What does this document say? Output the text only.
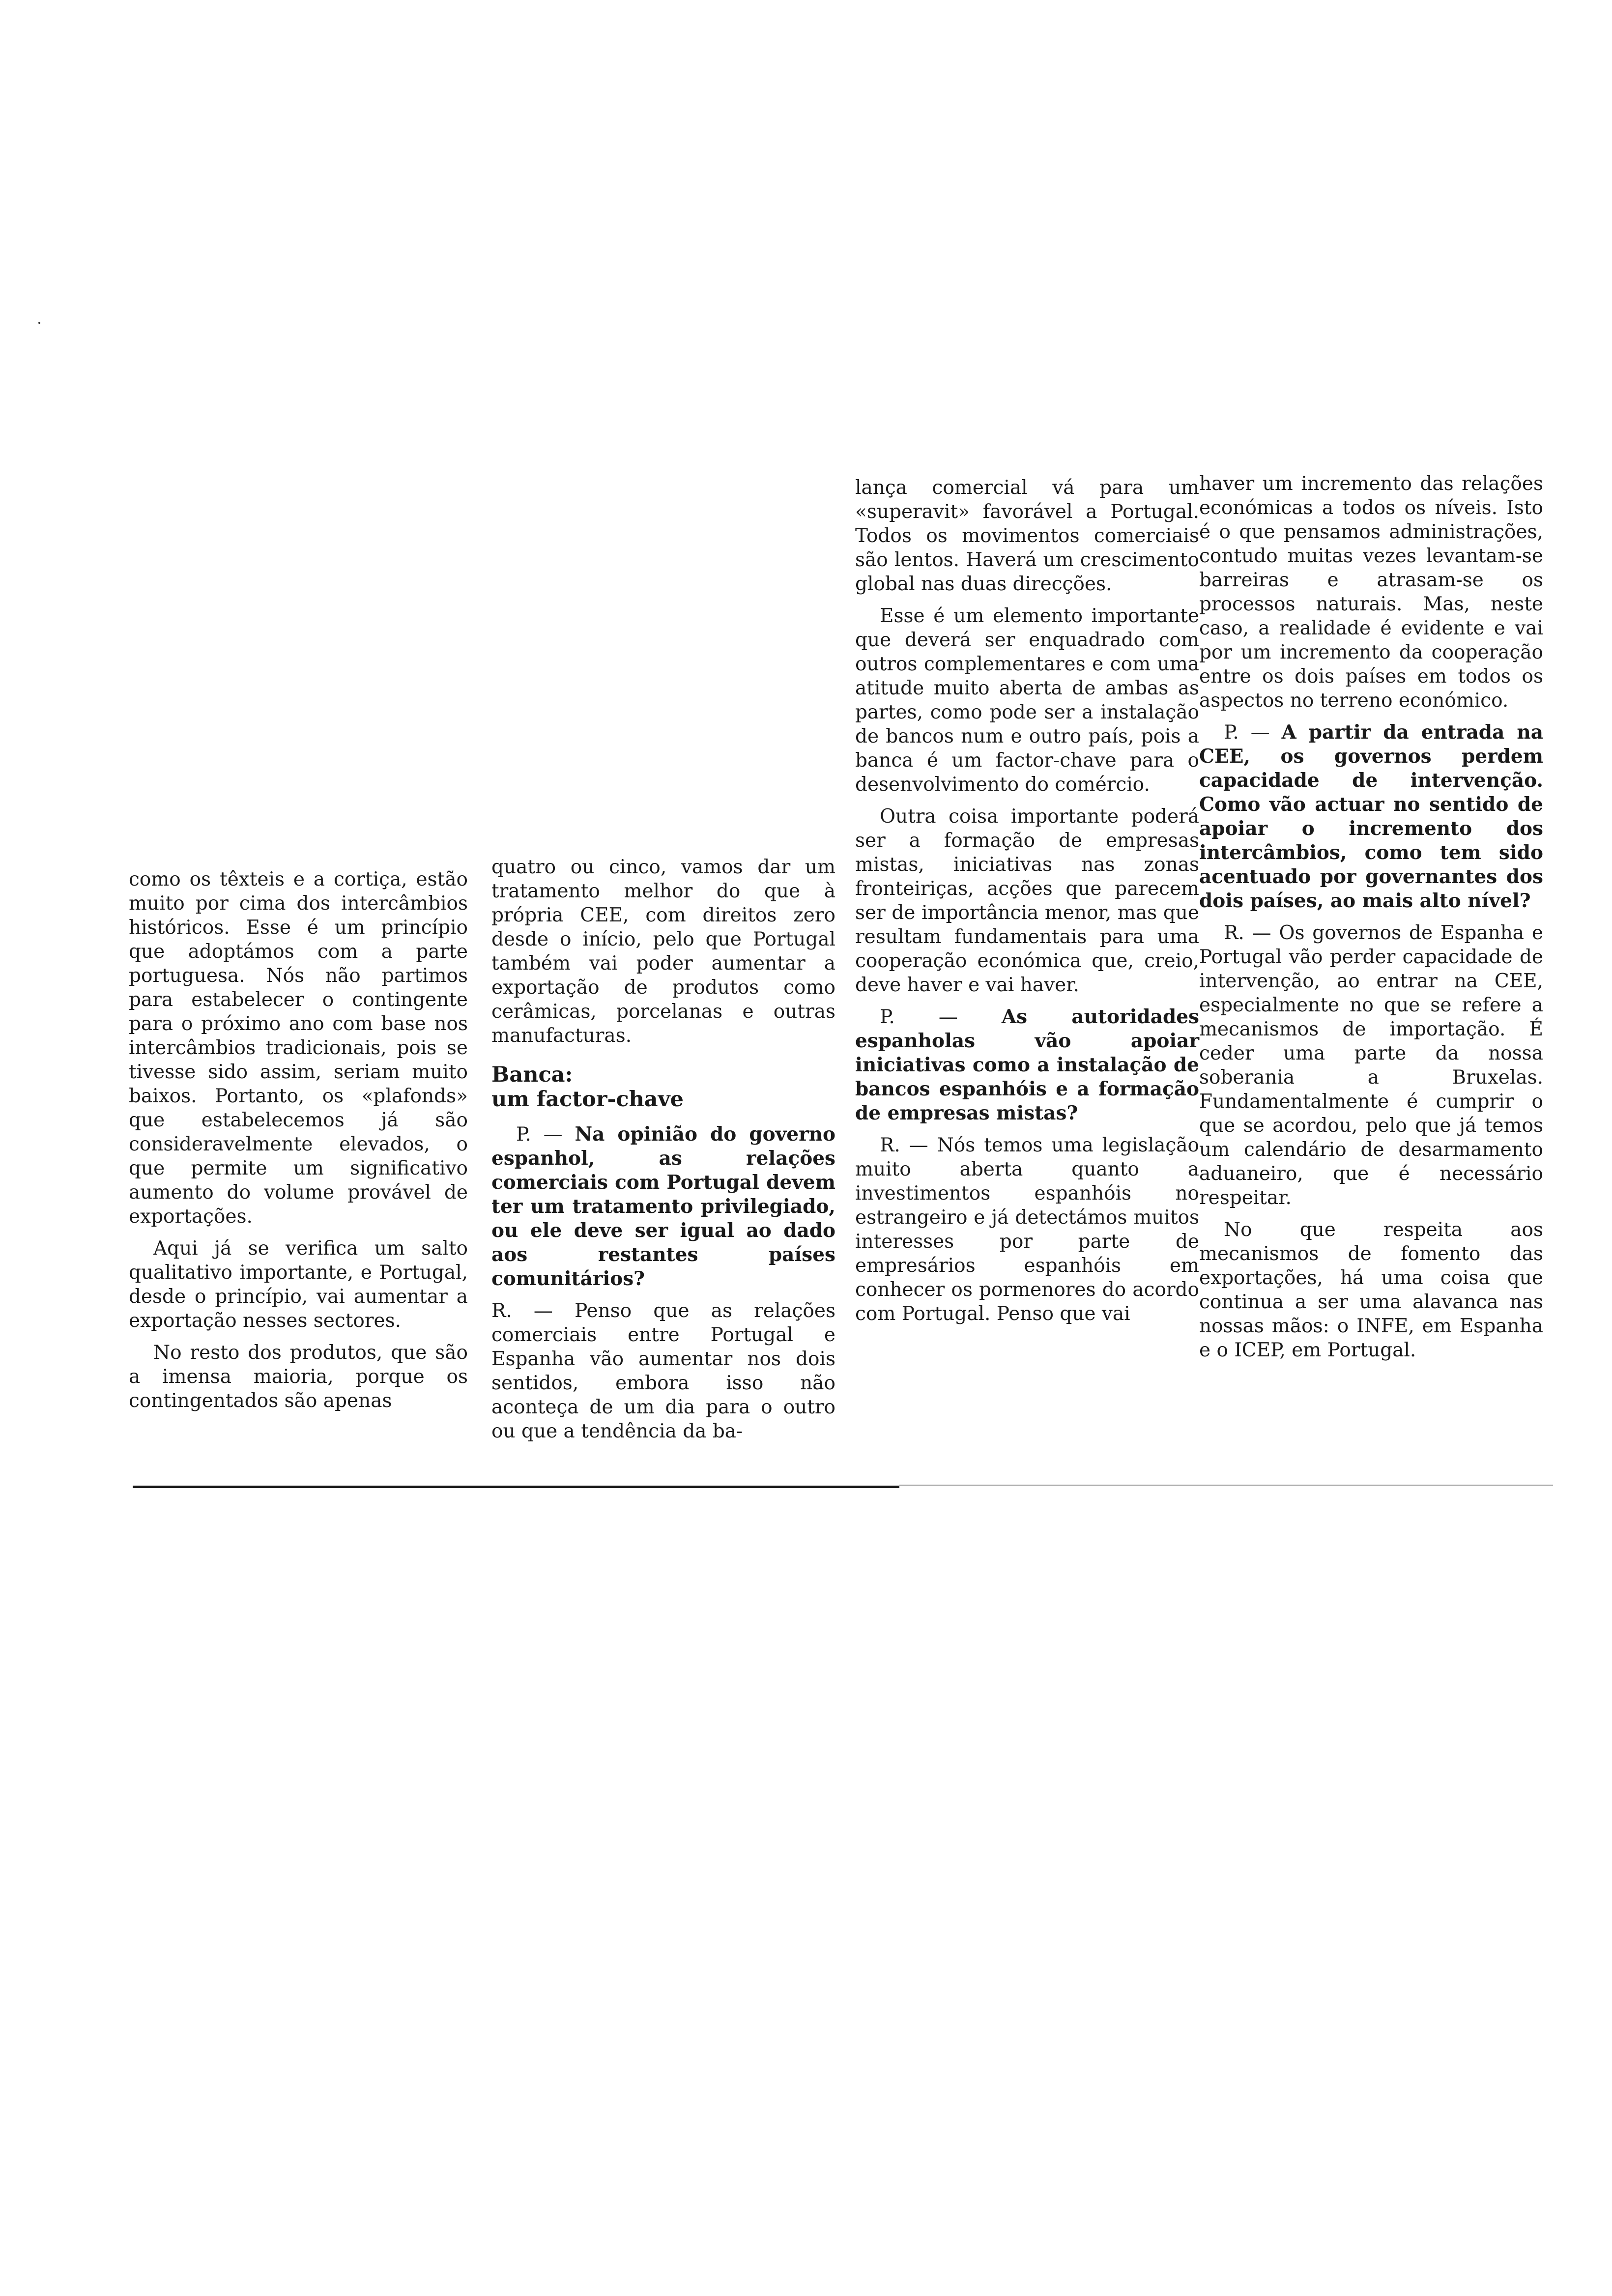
como os têxteis e a cortiça, estão muito por cima dos intercâmbios históricos. Esse é um princípio que adoptámos com a parte portuguesa. Nós não partimos para estabelecer o contingente para o próximo ano com base nos intercâmbios tradicionais, pois se tivesse sido assim, seriam muito baixos. Portanto, os «plafonds» que estabelecemos já são consideravelmente elevados, o que permite um significativo aumento do volume provável de exportações.

Aqui já se verifica um salto qualitativo importante, e Portugal, desde o princípio, vai aumentar a exportação nesses sectores.

No resto dos produtos, que são a imensa maioria, porque os contingentados são apenas

quatro ou cinco, vamos dar um tratamento melhor do que à própria CEE, com direitos zero desde o início, pelo que Portugal também vai poder aumentar a exportação de produtos como cerâmicas, porcelanas e outras manufacturas.

Banca:
um factor-chave

P. — Na opinião do governo espanhol, as relações comerciais com Portugal devem ter um tratamento privilegiado, ou ele deve ser igual ao dado aos restantes países comunitários?

R. — Penso que as relações comerciais entre Portugal e Espanha vão aumentar nos dois sentidos, embora isso não aconteça de um dia para o outro ou que a tendência da ba-

lança comercial vá para um «superavit» favorável a Portugal. Todos os movimentos comerciais são lentos. Haverá um crescimento global nas duas direcções.

Esse é um elemento importante que deverá ser enquadrado com outros complementares e com uma atitude muito aberta de ambas as partes, como pode ser a instalação de bancos num e outro país, pois a banca é um factor-chave para o desenvolvimento do comércio.

Outra coisa importante poderá ser a formação de empresas mistas, iniciativas nas zonas fronteiriças, acções que parecem ser de importância menor, mas que resultam fundamentais para uma cooperação económica que, creio, deve haver e vai haver.

P. — As autoridades espanholas vão apoiar iniciativas como a instalação de bancos espanhóis e a formação de empresas mistas?

R. — Nós temos uma legislação muito aberta quanto a investimentos espanhóis no estrangeiro e já detectámos muitos interesses por parte de empresários espanhóis em conhecer os pormenores do acordo com Portugal. Penso que vai

haver um incremento das relações económicas a todos os níveis. Isto é o que pensamos administrações, contudo muitas vezes levantam-se barreiras e atrasam-se os processos naturais. Mas, neste caso, a realidade é evidente e vai por um incremento da cooperação entre os dois países em todos os aspectos no terreno económico.

P. — A partir da entrada na CEE, os governos perdem capacidade de intervenção. Como vão actuar no sentido de apoiar o incremento dos intercâmbios, como tem sido acentuado por governantes dos dois países, ao mais alto nível?

R. — Os governos de Espanha e Portugal vão perder capacidade de intervenção, ao entrar na CEE, especialmente no que se refere a mecanismos de importação. É ceder uma parte da nossa soberania a Bruxelas. Fundamentalmente é cumprir o que se acordou, pelo que já temos um calendário de desarmamento aduaneiro, que é necessário respeitar.

No que respeita aos mecanismos de fomento das exportações, há uma coisa que continua a ser uma alavanca nas nossas mãos: o INFE, em Espanha e o ICEP, em Portugal.
